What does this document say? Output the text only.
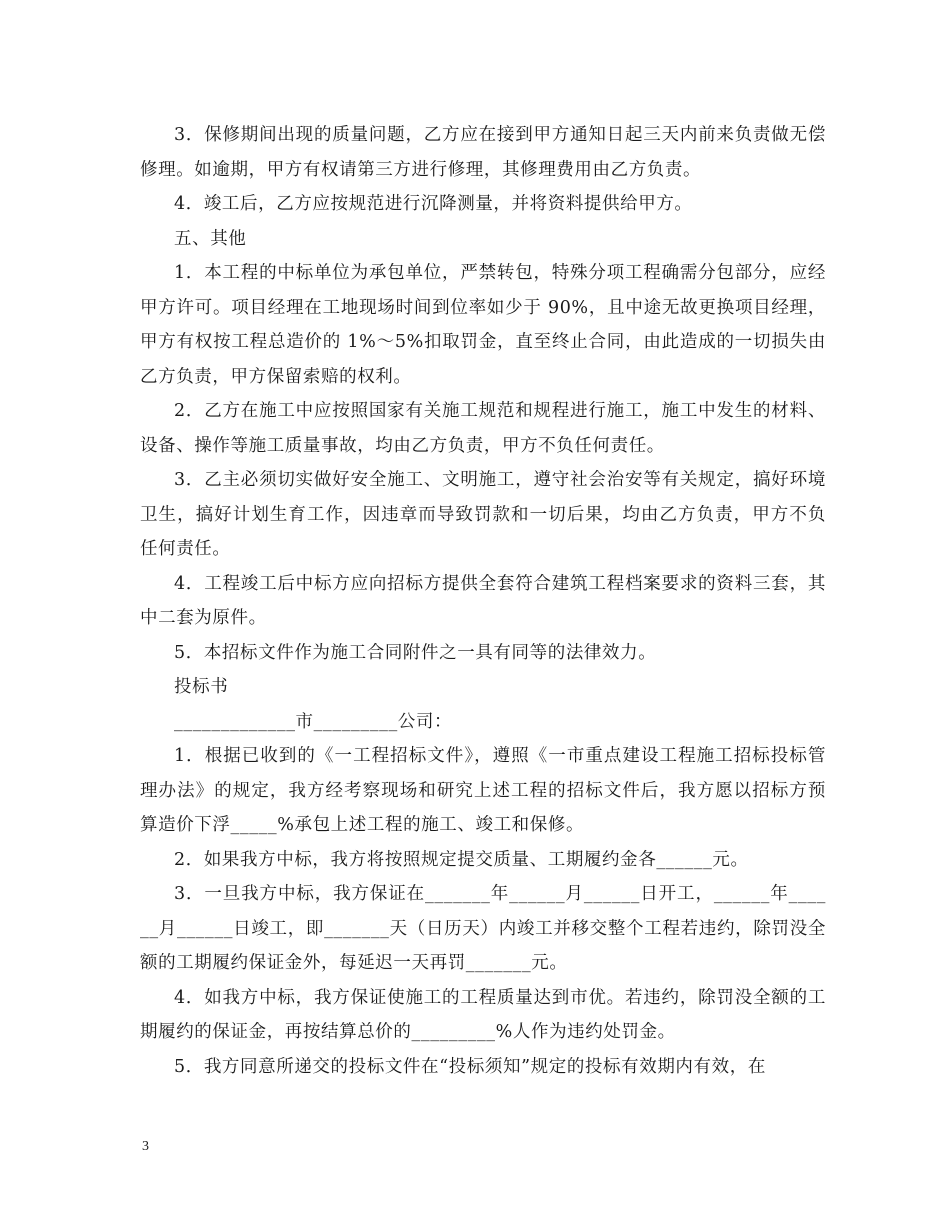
3．保修期间出现的质量问题，乙方应在接到甲方通知日起三天内前来负责做无偿修理。如逾期，甲方有权请第三方进行修理，其修理费用由乙方负责。

4．竣工后，乙方应按规范进行沉降测量，并将资料提供给甲方。

五、其他

1．本工程的中标单位为承包单位，严禁转包，特殊分项工程确需分包部分，应经甲方许可。项目经理在工地现场时间到位率如少于 90%，且中途无故更换项目经理，甲方有权按工程总造价的 1%～5%扣取罚金，直至终止合同，由此造成的一切损失由乙方负责，甲方保留索赔的权利。

2．乙方在施工中应按照国家有关施工规范和规程进行施工，施工中发生的材料、设备、操作等施工质量事故，均由乙方负责，甲方不负任何责任。

3．乙主必须切实做好安全施工、文明施工，遵守社会治安等有关规定，搞好环境卫生，搞好计划生育工作，因违章而导致罚款和一切后果，均由乙方负责，甲方不负任何责任。

4．工程竣工后中标方应向招标方提供全套符合建筑工程档案要求的资料三套，其中二套为原件。

5．本招标文件作为施工合同附件之一具有同等的法律效力。

投标书

_____________市_________公司：

1．根据已收到的《一工程招标文件》，遵照《一市重点建设工程施工招标投标管理办法》的规定，我方经考察现场和研究上述工程的招标文件后，我方愿以招标方预算造价下浮_____%承包上述工程的施工、竣工和保修。

2．如果我方中标，我方将按照规定提交质量、工期履约金各______元。

3．一旦我方中标，我方保证在_______年______月______日开工，______年______月______日竣工，即_______天（日历天）内竣工并移交整个工程若违约，除罚没全额的工期履约保证金外，每延迟一天再罚_______元。

4．如我方中标，我方保证使施工的工程质量达到市优。若违约，除罚没全额的工期履约的保证金，再按结算总价的_________%人作为违约处罚金。

5．我方同意所递交的投标文件在“投标须知”规定的投标有效期内有效，在

3
